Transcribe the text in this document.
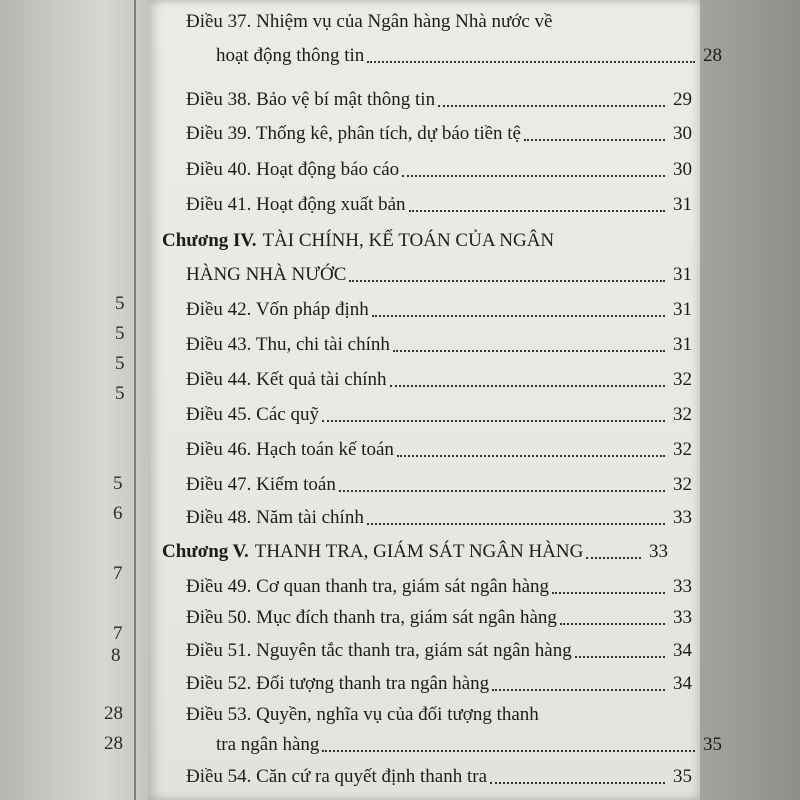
5
5
5
5
5
6
7
7
8
28
28
Điều 37. Nhiệm vụ của Ngân hàng Nhà nước về
hoạt động thông tin	28
Điều 38. Bảo vệ bí mật thông tin	29
Điều 39. Thống kê, phân tích, dự báo tiền tệ	30
Điều 40. Hoạt động báo cáo	30
Điều 41. Hoạt động xuất bản	31
Chương IV. TÀI CHÍNH, KẾ TOÁN CỦA NGÂN
HÀNG NHÀ NƯỚC	31
Điều 42. Vốn pháp định	31
Điều 43. Thu, chi tài chính	31
Điều 44. Kết quả tài chính	32
Điều 45. Các quỹ	32
Điều 46. Hạch toán kế toán	32
Điều 47. Kiểm toán	32
Điều 48. Năm tài chính	33
Chương V. THANH TRA, GIÁM SÁT NGÂN HÀNG	33
Điều 49. Cơ quan thanh tra, giám sát ngân hàng	33
Điều 50. Mục đích thanh tra, giám sát ngân hàng	33
Điều 51. Nguyên tắc thanh tra, giám sát ngân hàng	34
Điều 52. Đối tượng thanh tra ngân hàng	34
Điều 53. Quyền, nghĩa vụ của đối tượng thanh
tra ngân hàng	35
Điều 54. Căn cứ ra quyết định thanh tra	35
